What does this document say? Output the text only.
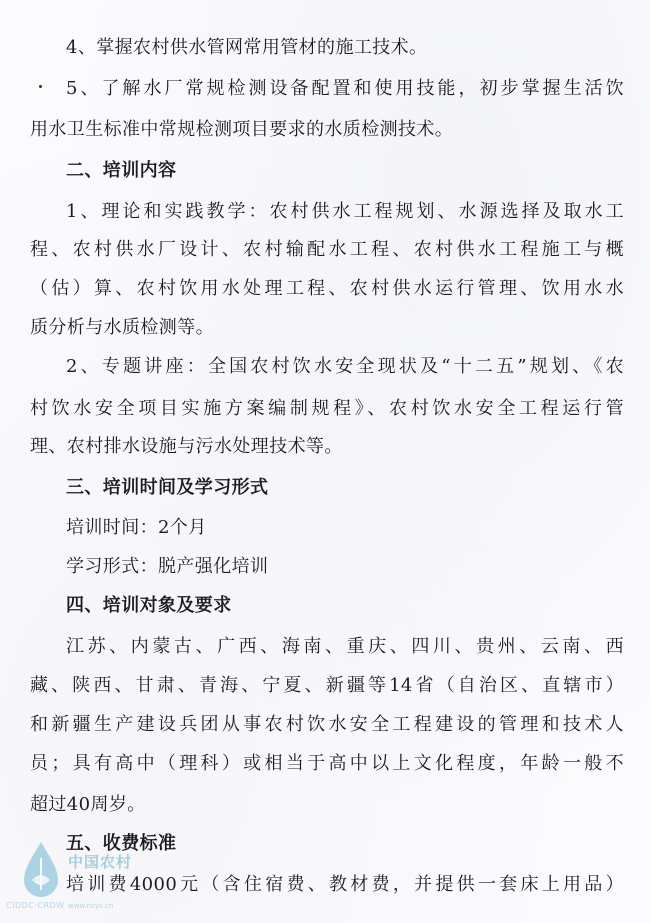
4、掌握农村供水管网常用管材的施工技术。
5、了解水厂常规检测设备配置和使用技能，初步掌握生活饮
用水卫生标准中常规检测项目要求的水质检测技术。
二、培训内容
1、理论和实践教学：农村供水工程规划、水源选择及取水工
程、农村供水厂设计、农村输配水工程、农村供水工程施工与概
（估）算、农村饮用水处理工程、农村供水运行管理、饮用水水
质分析与水质检测等。
2、专题讲座：全国农村饮水安全现状及“十二五”规划、《农
村饮水安全项目实施方案编制规程》、农村饮水安全工程运行管
理、农村排水设施与污水处理技术等。
三、培训时间及学习形式
培训时间：2个月
学习形式：脱产强化培训
四、培训对象及要求
江苏、内蒙古、广西、海南、重庆、四川、贵州、云南、西
藏、陕西、甘肃、青海、宁夏、新疆等14省（自治区、直辖市）
和新疆生产建设兵团从事农村饮水安全工程建设的管理和技术人
员；具有高中（理科）或相当于高中以上文化程度，年龄一般不
超过40周岁。
五、收费标准
培训费4000元（含住宿费、教材费，并提供一套床上用品）
中国农村
CIDDC·CRDW www.ncys.cn
